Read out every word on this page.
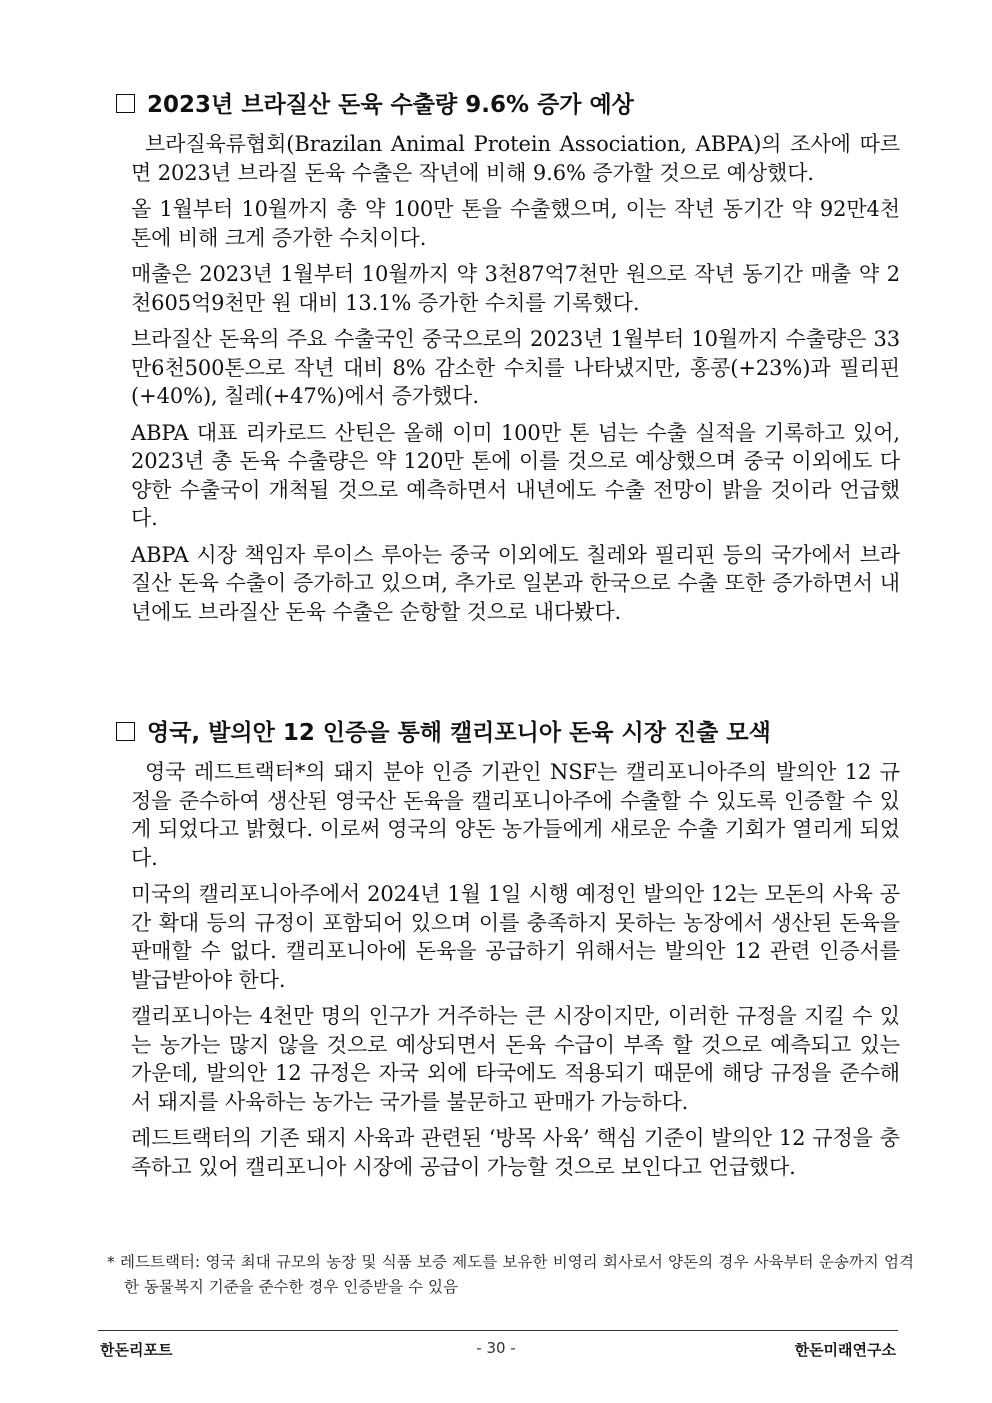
2023년 브라질산 돈육 수출량 9.6% 증가 예상

브라질육류협회(Brazilan Animal Protein Association, ABPA)의 조사에 따르면 2023년 브라질 돈육 수출은 작년에 비해 9.6% 증가할 것으로 예상했다.

올 1월부터 10월까지 총 약 100만 톤을 수출했으며, 이는 작년 동기간 약 92만4천 톤에 비해 크게 증가한 수치이다.

매출은 2023년 1월부터 10월까지 약 3천87억7천만 원으로 작년 동기간 매출 약 2천605억9천만 원 대비 13.1% 증가한 수치를 기록했다.

브라질산 돈육의 주요 수출국인 중국으로의 2023년 1월부터 10월까지 수출량은 33만6천500톤으로 작년 대비 8% 감소한 수치를 나타냈지만, 홍콩(+23%)과 필리핀(+40%), 칠레(+47%)에서 증가했다.

ABPA 대표 리카로드 산틴은 올해 이미 100만 톤 넘는 수출 실적을 기록하고 있어, 2023년 총 돈육 수출량은 약 120만 톤에 이를 것으로 예상했으며 중국 이외에도 다양한 수출국이 개척될 것으로 예측하면서 내년에도 수출 전망이 밝을 것이라 언급했다.

ABPA 시장 책임자 루이스 루아는 중국 이외에도 칠레와 필리핀 등의 국가에서 브라질산 돈육 수출이 증가하고 있으며, 추가로 일본과 한국으로 수출 또한 증가하면서 내년에도 브라질산 돈육 수출은 순항할 것으로 내다봤다.

영국, 발의안 12 인증을 통해 캘리포니아 돈육 시장 진출 모색

영국 레드트랙터*의 돼지 분야 인증 기관인 NSF는 캘리포니아주의 발의안 12 규정을 준수하여 생산된 영국산 돈육을 캘리포니아주에 수출할 수 있도록 인증할 수 있게 되었다고 밝혔다. 이로써 영국의 양돈 농가들에게 새로운 수출 기회가 열리게 되었다.

미국의 캘리포니아주에서 2024년 1월 1일 시행 예정인 발의안 12는 모돈의 사육 공간 확대 등의 규정이 포함되어 있으며 이를 충족하지 못하는 농장에서 생산된 돈육을 판매할 수 없다. 캘리포니아에 돈육을 공급하기 위해서는 발의안 12 관련 인증서를 발급받아야 한다.

캘리포니아는 4천만 명의 인구가 거주하는 큰 시장이지만, 이러한 규정을 지킬 수 있는 농가는 많지 않을 것으로 예상되면서 돈육 수급이 부족 할 것으로 예측되고 있는 가운데, 발의안 12 규정은 자국 외에 타국에도 적용되기 때문에 해당 규정을 준수해서 돼지를 사육하는 농가는 국가를 불문하고 판매가 가능하다.

레드트랙터의 기존 돼지 사육과 관련된 ‘방목 사육’ 핵심 기준이 발의안 12 규정을 충족하고 있어 캘리포니아 시장에 공급이 가능할 것으로 보인다고 언급했다.

* 레드트랙터: 영국 최대 규모의 농장 및 식품 보증 제도를 보유한 비영리 회사로서 양돈의 경우 사육부터 운송까지 엄격한 동물복지 기준을 준수한 경우 인증받을 수 있음
한돈리포트	- 30 -	한돈미래연구소
